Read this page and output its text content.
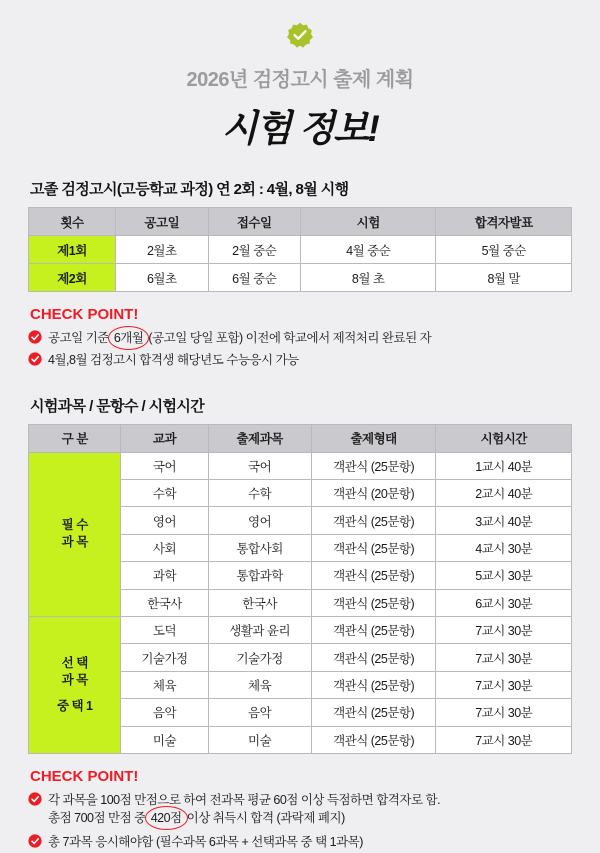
2026년 검정고시 출제 계획
시험 정보!
고졸 검정고시(고등학교 과정) 연 2회 : 4월, 8월 시행
횟수	공고일	접수일	시험	합격자발표
제1회	2월초	2월 중순	4월 중순	5월 중순
제2회	6월초	6월 중순	8월 초	8월 말
CHECK POINT!
공고일 기준 6개월 (공고일 당일 포함) 이전에 학교에서 제적처리 완료된 자
4월,8월 검정고시 합격생 해당년도 수능응시 가능
시험과목 / 문항수 / 시험시간
구 분	교과	출제과목	출제형태	시험시간

필 수
과 목	국어	국어	객관식 (25문항)	1교시 40분
	수학	수학	객관식 (20문항)	2교시 40분
	영어	영어	객관식 (25문항)	3교시 40분
	사회	통합사회	객관식 (25문항)	4교시 30분
	과학	통합과학	객관식 (25문항)	5교시 30분
	한국사	한국사	객관식 (25문항)	6교시 30분

선 택
과 목
중 택 1	도덕	생활과 윤리	객관식 (25문항)	7교시 30분
	기술가정	기술가정	객관식 (25문항)	7교시 30분
	체육	체육	객관식 (25문항)	7교시 30분
	음악	음악	객관식 (25문항)	7교시 30분
	미술	미술	객관식 (25문항)	7교시 30분
CHECK POINT!
각 과목을 100점 만점으로 하여 전과목 평균 60점 이상 득점하면 합격자로 함.
총점 700점 만점 중 420점 이상 취득시 합격 (과락제 폐지)
총 7과목 응시해야함 (필수과목 6과목 + 선택과목 중 택 1과목)
